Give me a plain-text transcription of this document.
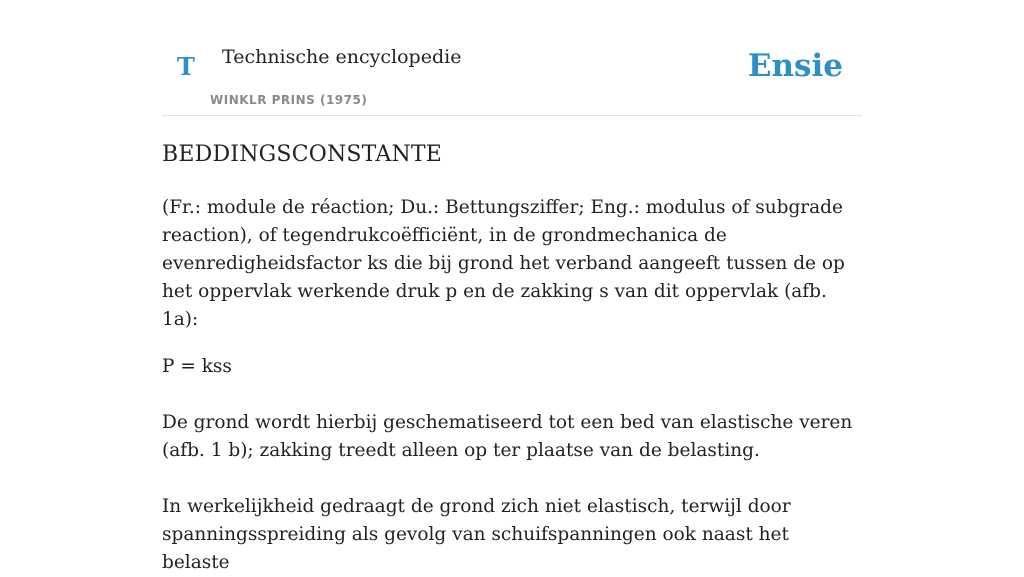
T Technische encyclopedie
WINKLR PRINS (1975)
Ensie
BEDDINGSCONSTANTE

(Fr.: module de réaction; Du.: Bettungsziffer; Eng.: modulus of subgrade reaction), of tegendrukcoëfficiënt, in de grondmechanica de evenredigheidsfactor ks die bij grond het verband aangeeft tussen de op het oppervlak werkende druk p en de zakking s van dit oppervlak (afb. 1a):

P = kss

De grond wordt hierbij geschematiseerd tot een bed van elastische veren (afb. 1 b); zakking treedt alleen op ter plaatse van de belasting.

In werkelijkheid gedraagt de grond zich niet elastisch, terwijl door spanningsspreiding als gevolg van schuifspanningen ook naast het belaste
